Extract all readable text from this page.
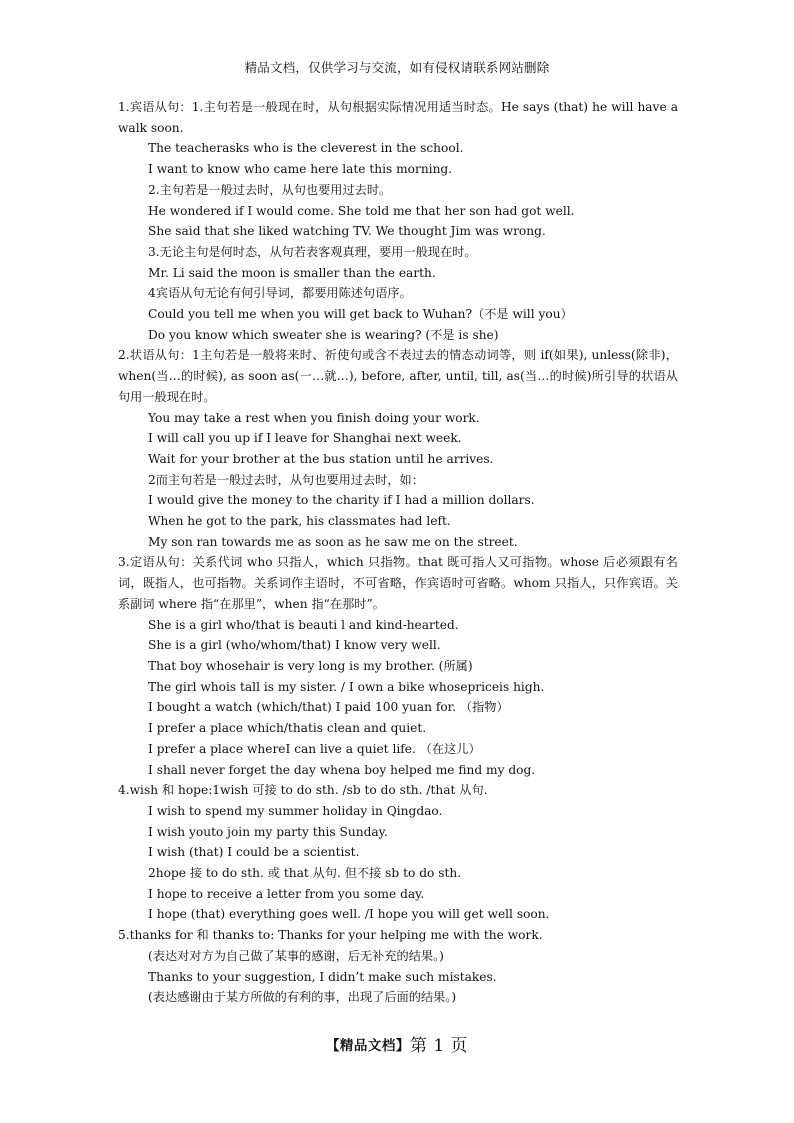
精品文档，仅供学习与交流，如有侵权请联系网站删除
1.宾语从句：1.主句若是一般现在时，从句根据实际情况用适当时态。He says (that) he will have a walk soon.
The teacherasks who is the cleverest in the school.
I want to know who came here late this morning.
2.主句若是一般过去时，从句也要用过去时。
He wondered if I would come. She told me that her son had got well.
She said that she liked watching TV. We thought Jim was wrong.
3.无论主句是何时态，从句若表客观真理，要用一般现在时。
Mr. Li said the moon is smaller than the earth.
4宾语从句无论有何引导词，都要用陈述句语序。
Could you tell me when you will get back to Wuhan?（不是 will you）
Do you know which sweater she is wearing? (不是 is she)
2.状语从句：1主句若是一般将来时、祈使句或含不表过去的情态动词等，则 if(如果), unless(除非)，when(当…的时候), as soon as(一…就…), before, after, until, till, as(当…的时候)所引导的状语从句用一般现在时。
You may take a rest when you finish doing your work.
I will call you up if I leave for Shanghai next week.
Wait for your brother at the bus station until he arrives.
2而主句若是一般过去时，从句也要用过去时，如：
I would give the money to the charity if I had a million dollars.
When he got to the park, his classmates had left.
My son ran towards me as soon as he saw me on the street.
3.定语从句：关系代词 who 只指人，which 只指物。that 既可指人又可指物。whose 后必须跟有名词，既指人，也可指物。关系词作主语时，不可省略，作宾语时可省略。whom 只指人，只作宾语。关系副词 where 指“在那里”，when 指“在那时”。
She is a girl who/that is beauti l and kind-hearted.
She is a girl (who/whom/that) I know very well.
That boy whosehair is very long is my brother. (所属)
The girl whois tall is my sister. / I own a bike whosepriceis high.
I bought a watch (which/that) I paid 100 yuan for. （指物）
I prefer a place which/thatis clean and quiet.
I prefer a place whereI can live a quiet life. （在这儿）
I shall never forget the day whena boy helped me find my dog.
4.wish 和 hope:1wish 可接 to do sth. /sb to do sth. /that 从句.
I wish to spend my summer holiday in Qingdao.
I wish youto join my party this Sunday.
I wish (that) I could be a scientist.
2hope 接 to do sth. 或 that 从句. 但不接 sb to do sth.
I hope to receive a letter from you some day.
I hope (that) everything goes well. /I hope you will get well soon.
5.thanks for 和 thanks to: Thanks for your helping me with the work.
(表达对对方为自己做了某事的感谢，后无补充的结果。)
Thanks to your suggestion, I didn’t make such mistakes.
(表达感谢由于某方所做的有利的事，出现了后面的结果。)
【精品文档】第 1 页
